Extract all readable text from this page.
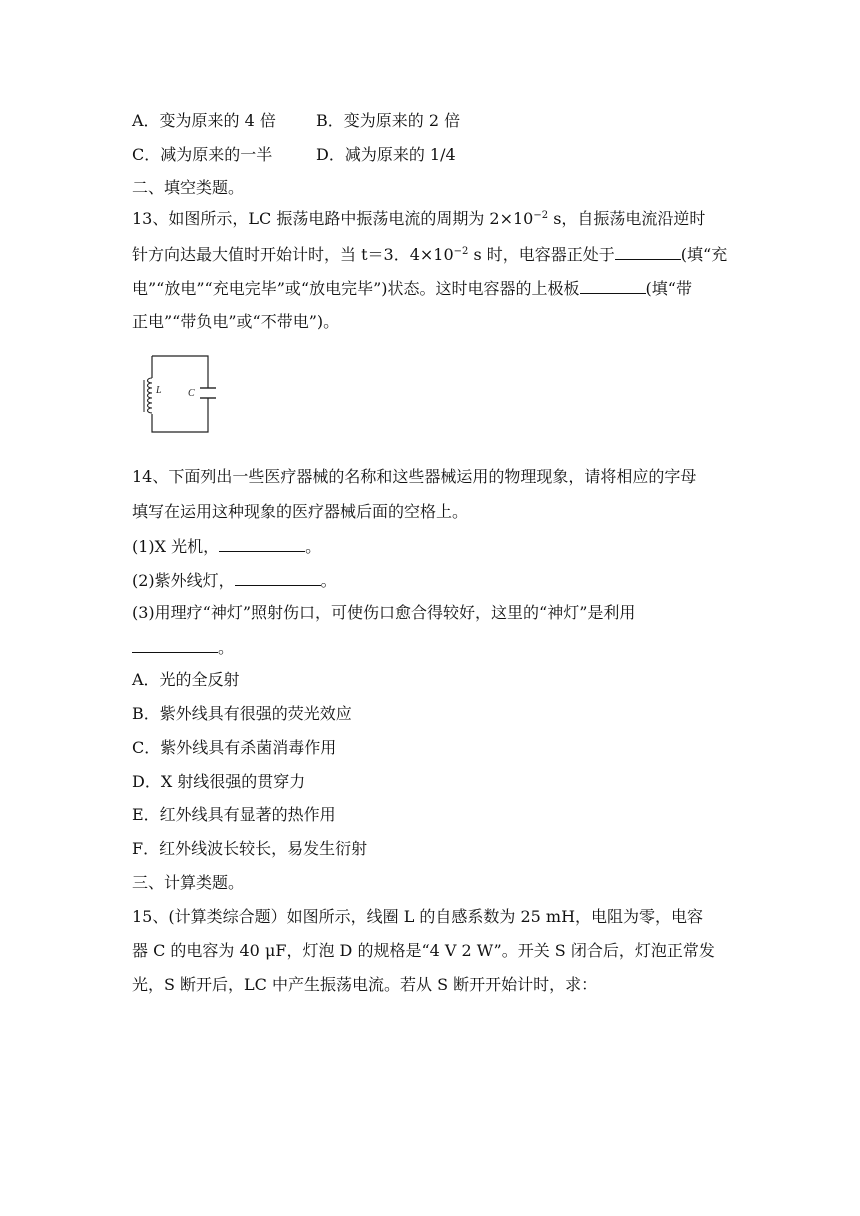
A．变为原来的 4 倍	B．变为原来的 2 倍
C．减为原来的一半	D．减为原来的 1/4
二、填空类题。
13、如图所示，LC 振荡电路中振荡电流的周期为 $2\times 10^{-2}$ s，自振荡电流沿逆时
针方向达最大值时开始计时，当 t＝3．$4\times 10^{-2}$ s 时，电容器正处于	(填“充
电”“放电”“充电完毕”或“放电完毕”)状态。这时电容器的上极板	(填“带
正电”“带负电”或“不带电”)。
L	C
14、下面列出一些医疗器械的名称和这些器械运用的物理现象，请将相应的字母
填写在运用这种现象的医疗器械后面的空格上。
(1)X 光机，	。
(2)紫外线灯，	。
(3)用理疗“神灯”照射伤口，可使伤口愈合得较好，这里的“神灯”是利用
。
A．光的全反射
B．紫外线具有很强的荧光效应
C．紫外线具有杀菌消毒作用
D．X 射线很强的贯穿力
E．红外线具有显著的热作用
F．红外线波长较长，易发生衍射
三、计算类题。
15、(计算类综合题）如图所示，线圈 L 的自感系数为 25 mH，电阻为零，电容
器 C 的电容为 40 μF，灯泡 D 的规格是“4 V 2 W”。开关 S 闭合后，灯泡正常发
光，S 断开后，LC 中产生振荡电流。若从 S 断开开始计时，求：
